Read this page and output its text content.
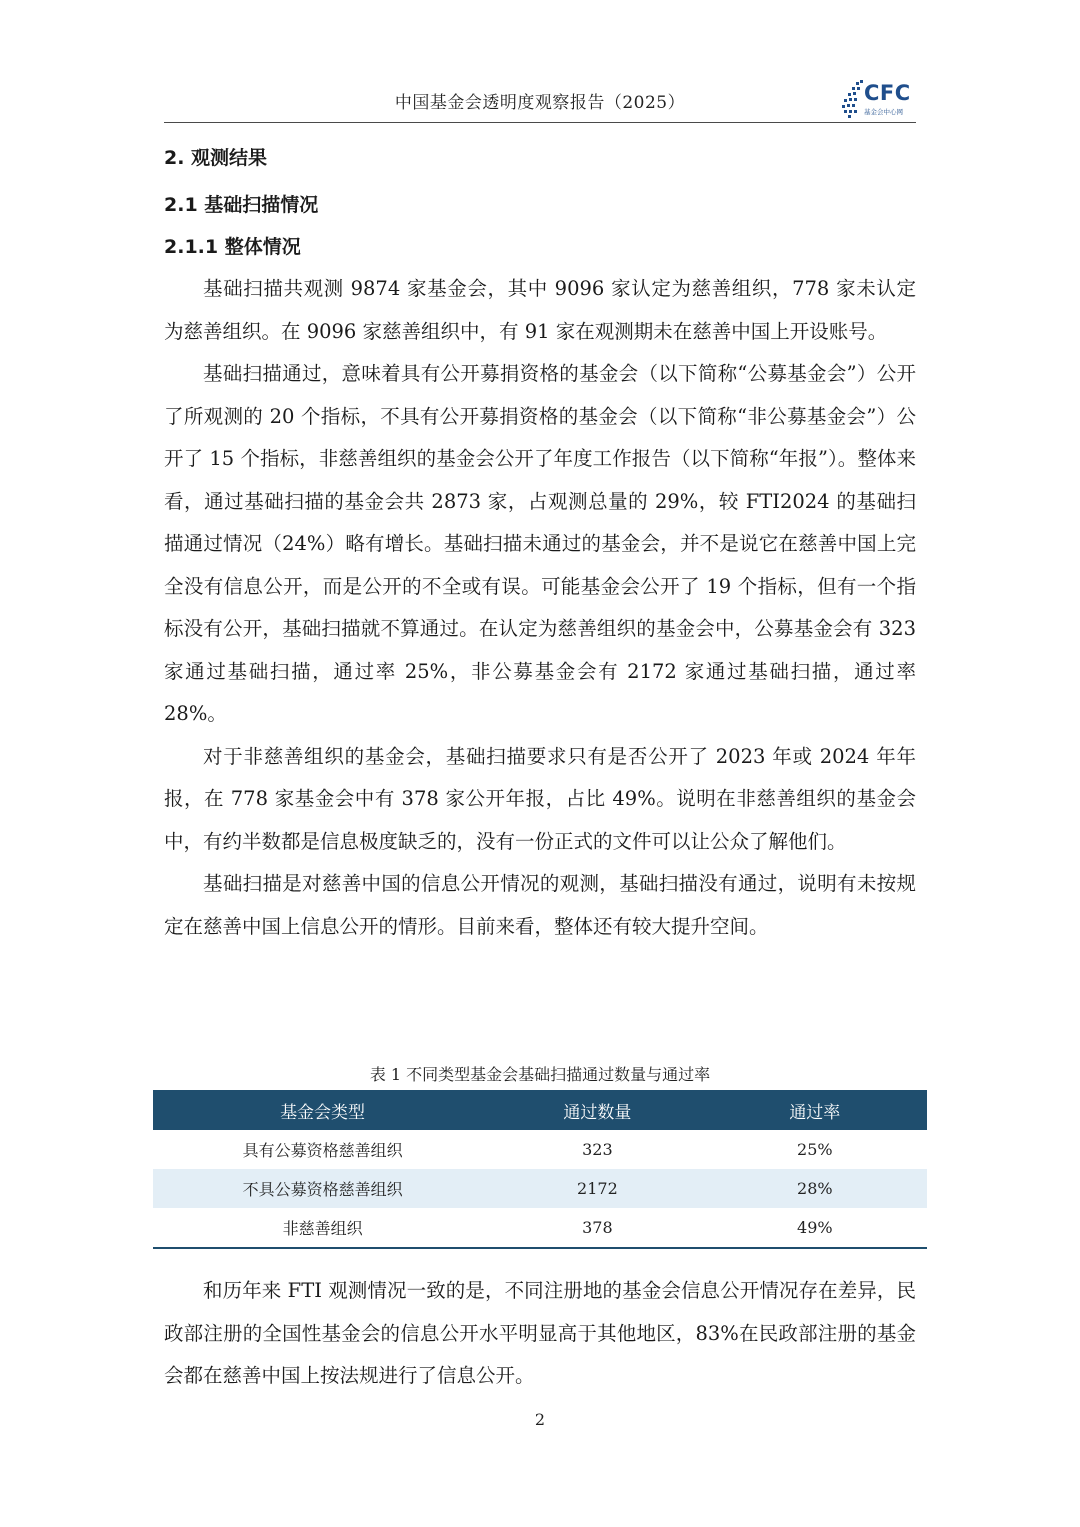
中国基金会透明度观察报告（2025）	CFC
基金会中心网
2. 观测结果
2.1 基础扫描情况
2.1.1 整体情况

基础扫描共观测 9874 家基金会，其中 9096 家认定为慈善组织，778 家未认定为慈善组织。在 9096 家慈善组织中，有 91 家在观测期未在慈善中国上开设账号。

基础扫描通过，意味着具有公开募捐资格的基金会（以下简称“公募基金会”）公开了所观测的 20 个指标，不具有公开募捐资格的基金会（以下简称“非公募基金会”）公开了 15 个指标，非慈善组织的基金会公开了年度工作报告（以下简称“年报”）。整体来看，通过基础扫描的基金会共 2873 家，占观测总量的 29%，较 FTI2024 的基础扫描通过情况（24%）略有增长。基础扫描未通过的基金会，并不是说它在慈善中国上完全没有信息公开，而是公开的不全或有误。可能基金会公开了 19 个指标，但有一个指标没有公开，基础扫描就不算通过。在认定为慈善组织的基金会中，公募基金会有 323 家通过基础扫描，通过率 25%，非公募基金会有 2172 家通过基础扫描，通过率 28%。

对于非慈善组织的基金会，基础扫描要求只有是否公开了 2023 年或 2024 年年报，在 778 家基金会中有 378 家公开年报，占比 49%。说明在非慈善组织的基金会中，有约半数都是信息极度缺乏的，没有一份正式的文件可以让公众了解他们。

基础扫描是对慈善中国的信息公开情况的观测，基础扫描没有通过，说明有未按规定在慈善中国上信息公开的情形。目前来看，整体还有较大提升空间。

表 1 不同类型基金会基础扫描通过数量与通过率
基金会类型	通过数量	通过率
具有公募资格慈善组织	323	25%
不具公募资格慈善组织	2172	28%
非慈善组织	378	49%

和历年来 FTI 观测情况一致的是，不同注册地的基金会信息公开情况存在差异，民政部注册的全国性基金会的信息公开水平明显高于其他地区，83%在民政部注册的基金会都在慈善中国上按法规进行了信息公开。

2
